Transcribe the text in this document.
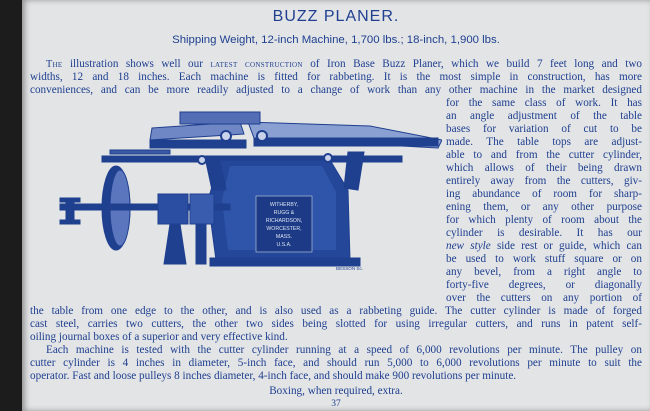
BUZZ PLANER.
Shipping Weight, 12-inch Machine, 1,700 lbs.; 18-inch, 1,900 lbs.
The illustration shows well our latest construction of Iron Base Buzz Planer, which we build 7 feet long and two
widths, 12 and 18 inches. Each machine is fitted for rabbeting. It is the most simple in construction, has more
conveniences, and can be more readily adjusted to a change of work than any other machine in the market designed
for the same class of work. It has
an angle adjustment of the table
bases for variation of cut to be
made. The table tops are adjust-
able to and from the cutter cylinder,
which allows of their being drawn
entirely away from the cutters, giv-
ing abundance of room for sharp-
ening them, or any other purpose
for which plenty of room about the
cylinder is desirable. It has our
new style side rest or guide, which can
be used to work stuff square or on
any bevel, from a right angle to
forty-five degrees, or diagonally
over the cutters on any portion of
the table from one edge to the other, and is also used as a rabbeting guide. The cutter cylinder is made of forged
cast steel, carries two cutters, the other two sides being slotted for using irregular cutters, and runs in patent self-
oiling journal boxes of a superior and very effective kind.
Each machine is tested with the cutter cylinder running at a speed of 6,000 revolutions per minute. The pulley on
cutter cylinder is 4 inches in diameter, 5-inch face, and should run 5,000 to 6,000 revolutions per minute to suit the
operator. Fast and loose pulleys 8 inches diameter, 4-inch face, and should make 900 revolutions per minute.
Boxing, when required, extra.
37
WITHERBY,
RUGG &
RICHARDSON,
WORCESTER,
MASS.
U.S.A.
BESSON Sc.
